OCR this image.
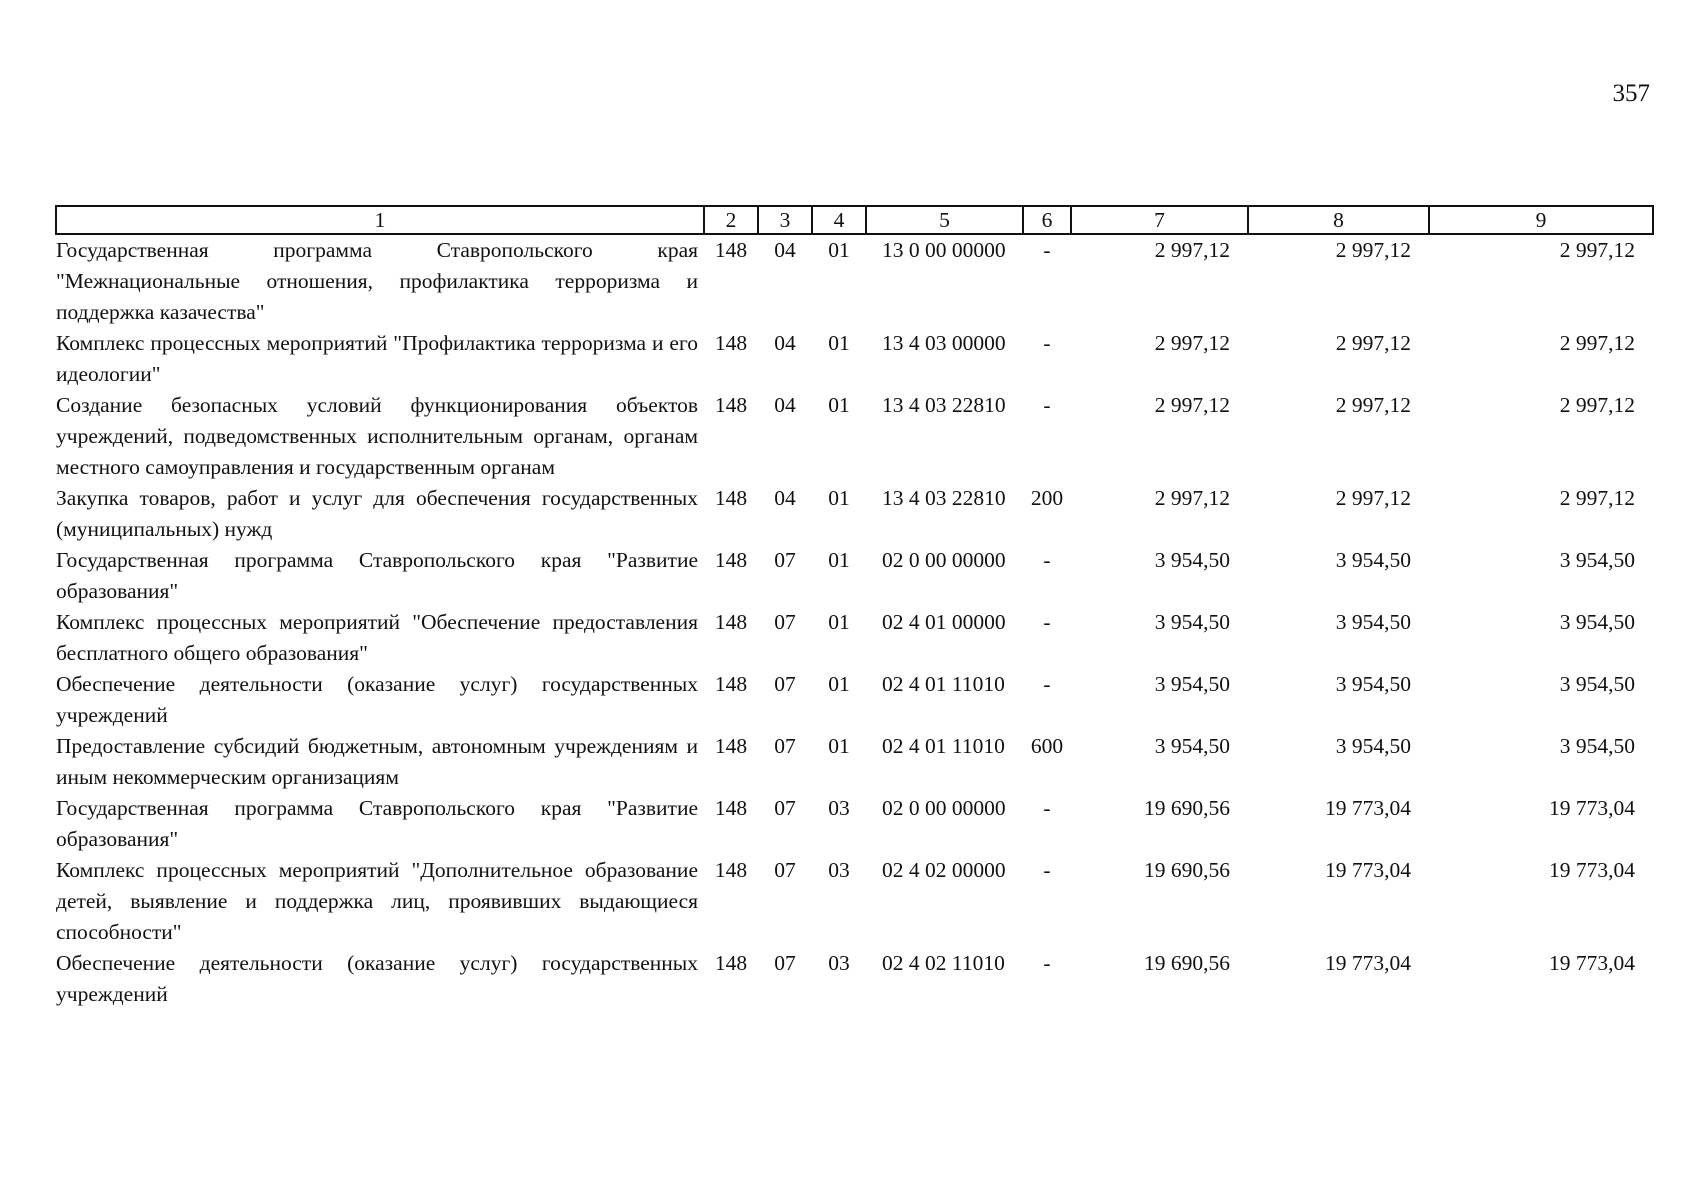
357
1	2	3	4	5	6	7	8	9
Государственная программа Ставропольского края "Межнациональные отношения, профилактика терроризма и поддержка казачества"	148	04	01	13 0 00 00000	-	2 997,12	2 997,12	2 997,12
Комплекс процессных мероприятий "Профилактика терроризма и его идеологии"	148	04	01	13 4 03 00000	-	2 997,12	2 997,12	2 997,12
Создание безопасных условий функционирования объектов учреждений, подведомственных исполнительным органам, органам местного самоуправления и государственным органам	148	04	01	13 4 03 22810	-	2 997,12	2 997,12	2 997,12
Закупка товаров, работ и услуг для обеспечения государственных (муниципальных) нужд	148	04	01	13 4 03 22810	200	2 997,12	2 997,12	2 997,12
Государственная программа Ставропольского края "Развитие образования"	148	07	01	02 0 00 00000	-	3 954,50	3 954,50	3 954,50
Комплекс процессных мероприятий "Обеспечение предоставления бесплатного общего образования"	148	07	01	02 4 01 00000	-	3 954,50	3 954,50	3 954,50
Обеспечение деятельности (оказание услуг) государственных учреждений	148	07	01	02 4 01 11010	-	3 954,50	3 954,50	3 954,50
Предоставление субсидий бюджетным, автономным учреждениям и иным некоммерческим организациям	148	07	01	02 4 01 11010	600	3 954,50	3 954,50	3 954,50
Государственная программа Ставропольского края "Развитие образования"	148	07	03	02 0 00 00000	-	19 690,56	19 773,04	19 773,04
Комплекс процессных мероприятий "Дополнительное образование детей, выявление и поддержка лиц, проявивших выдающиеся способности"	148	07	03	02 4 02 00000	-	19 690,56	19 773,04	19 773,04
Обеспечение деятельности (оказание услуг) государственных учреждений	148	07	03	02 4 02 11010	-	19 690,56	19 773,04	19 773,04
